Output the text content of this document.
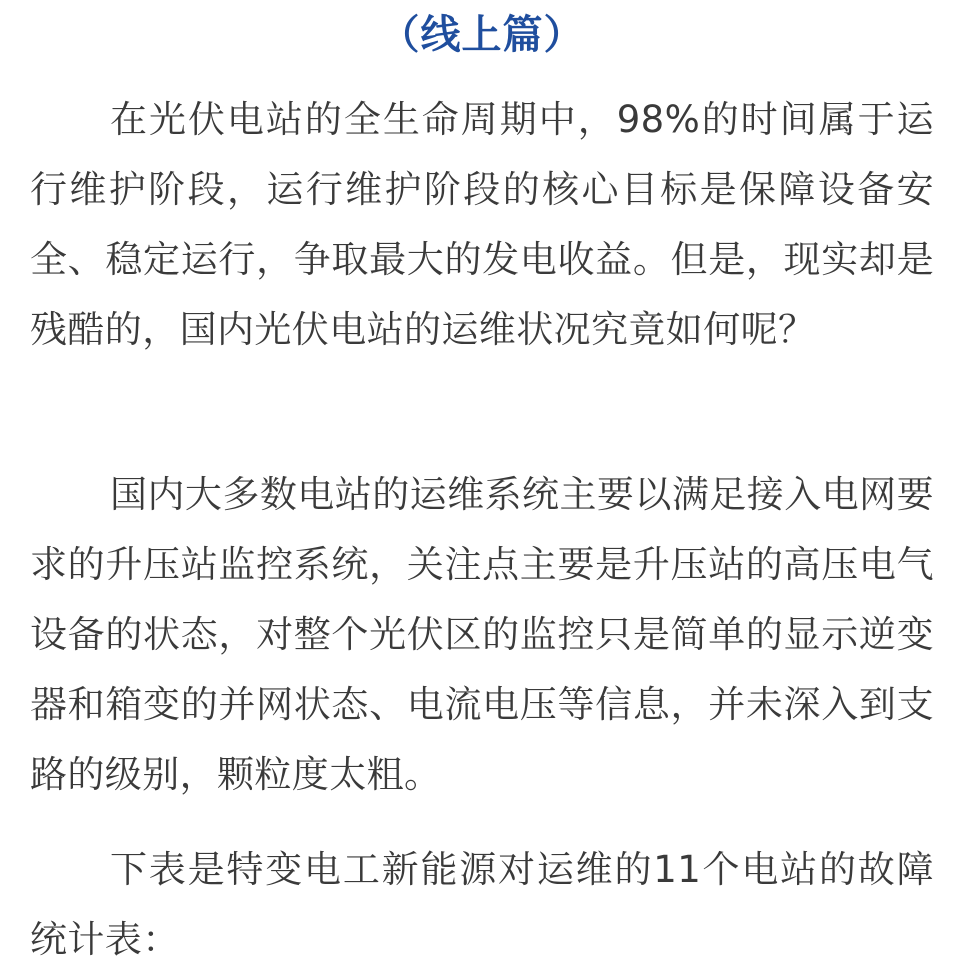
（线上篇）

在光伏电站的全生命周期中，98%的时间属于运行维护阶段，运行维护阶段的核心目标是保障设备安全、稳定运行，争取最大的发电收益。但是，现实却是残酷的，国内光伏电站的运维状况究竟如何呢？

国内大多数电站的运维系统主要以满足接入电网要求的升压站监控系统，关注点主要是升压站的高压电气设备的状态，对整个光伏区的监控只是简单的显示逆变器和箱变的并网状态、电流电压等信息，并未深入到支路的级别，颗粒度太粗。

下表是特变电工新能源对运维的11个电站的故障统计表：
